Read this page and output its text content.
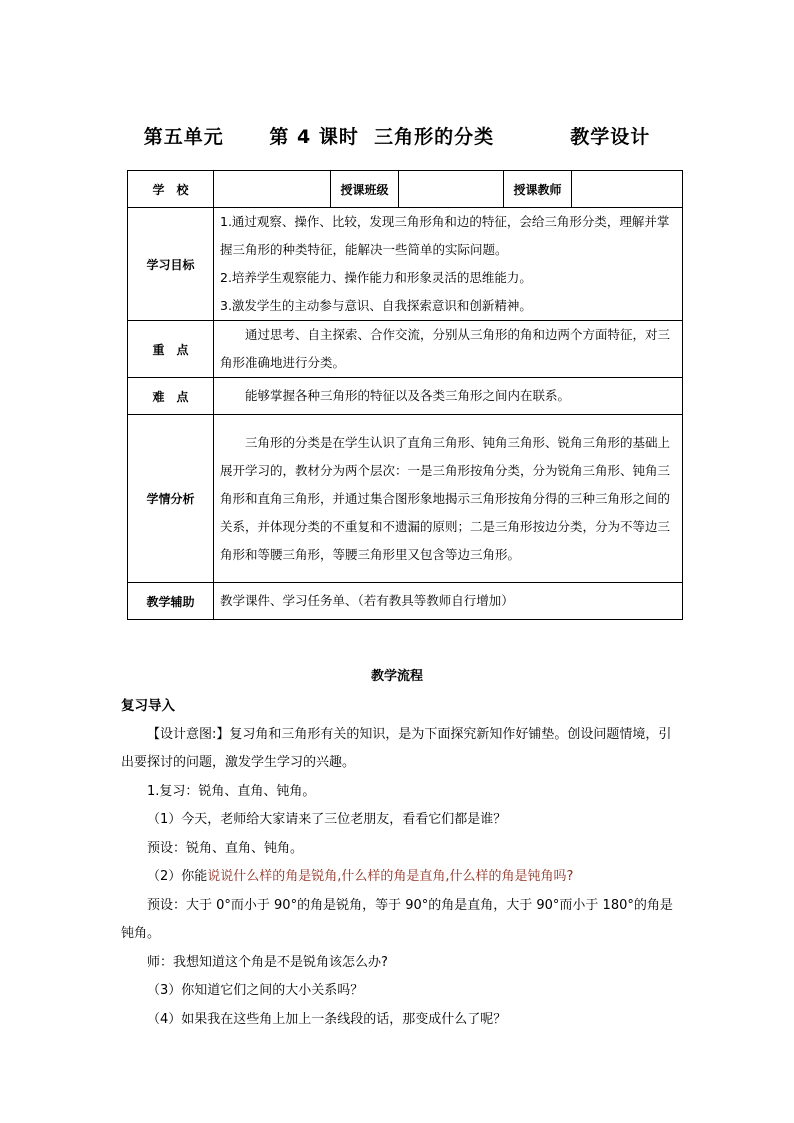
第五单元      第 4 课时  三角形的分类          教学设计
学　校		授课班级		授课教师	
学习目标	1.通过观察、操作、比较，发现三角形角和边的特征，会给三角形分类，理解并掌握三角形的种类特征，能解决一些简单的实际问题。
2.培养学生观察能力、操作能力和形象灵活的思维能力。
3.激发学生的主动参与意识、自我探索意识和创新精神。				

重　点	通过思考、自主探索、合作交流，分别从三角形的角和边两个方面特征，对三角形准确地进行分类。				
难　点	能够掌握各种三角形的特征以及各类三角形之间内在联系。				
学情分析	三角形的分类是在学生认识了直角三角形、钝角三角形、锐角三角形的基础上展开学习的，教材分为两个层次：一是三角形按角分类，分为锐角三角形、钝角三角形和直角三角形，并通过集合图形象地揭示三角形按角分得的三种三角形之间的关系，并体现分类的不重复和不遗漏的原则；二是三角形按边分类，分为不等边三角形和等腰三角形，等腰三角形里又包含等边三角形。				
教学辅助	教学课件、学习任务单、（若有教具等教师自行增加）				
教学流程

复习导入

【设计意图:】复习角和三角形有关的知识，是为下面探究新知作好铺垫。创设问题情境，引出要探讨的问题，激发学生学习的兴趣。

1.复习：锐角、直角、钝角。

（1）今天，老师给大家请来了三位老朋友，看看它们都是谁？

预设：锐角、直角、钝角。

（2）你能说说什么样的角是锐角,什么样的角是直角,什么样的角是钝角吗?

预设：大于 0°而小于 90°的角是锐角，等于 90°的角是直角，大于 90°而小于 180°的角是钝角。

师：我想知道这个角是不是锐角该怎么办?

（3）你知道它们之间的大小关系吗？

（4）如果我在这些角上加上一条线段的话，那变成什么了呢？
